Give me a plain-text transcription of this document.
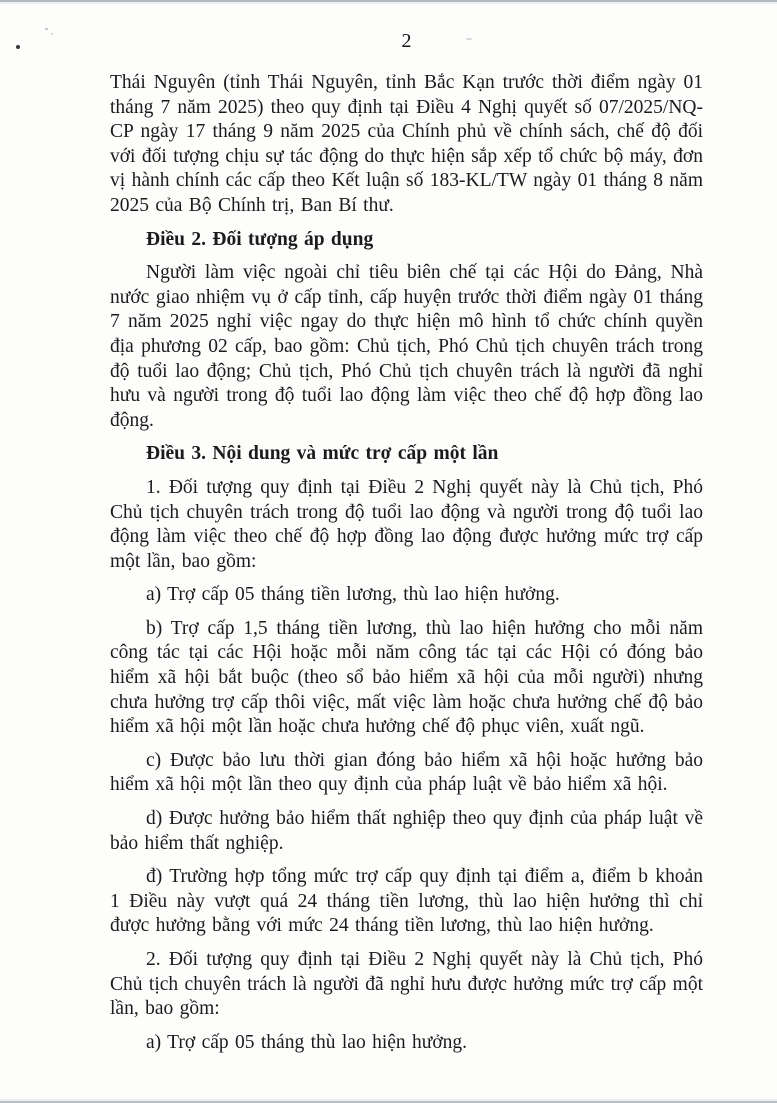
2

Thái Nguyên (tỉnh Thái Nguyên, tỉnh Bắc Kạn trước thời điểm ngày 01 tháng 7 năm 2025) theo quy định tại Điều 4 Nghị quyết số 07/2025/NQ-CP ngày 17 tháng 9 năm 2025 của Chính phủ về chính sách, chế độ đối với đối tượng chịu sự tác động do thực hiện sắp xếp tổ chức bộ máy, đơn vị hành chính các cấp theo Kết luận số 183-KL/TW ngày 01 tháng 8 năm 2025 của Bộ Chính trị, Ban Bí thư.

Điều 2. Đối tượng áp dụng

Người làm việc ngoài chỉ tiêu biên chế tại các Hội do Đảng, Nhà nước giao nhiệm vụ ở cấp tỉnh, cấp huyện trước thời điểm ngày 01 tháng 7 năm 2025 nghỉ việc ngay do thực hiện mô hình tổ chức chính quyền địa phương 02 cấp, bao gồm: Chủ tịch, Phó Chủ tịch chuyên trách trong độ tuổi lao động; Chủ tịch, Phó Chủ tịch chuyên trách là người đã nghỉ hưu và người trong độ tuổi lao động làm việc theo chế độ hợp đồng lao động.

Điều 3. Nội dung và mức trợ cấp một lần

1. Đối tượng quy định tại Điều 2 Nghị quyết này là Chủ tịch, Phó Chủ tịch chuyên trách trong độ tuổi lao động và người trong độ tuổi lao động làm việc theo chế độ hợp đồng lao động được hưởng mức trợ cấp một lần, bao gồm:

a) Trợ cấp 05 tháng tiền lương, thù lao hiện hưởng.

b) Trợ cấp 1,5 tháng tiền lương, thù lao hiện hưởng cho mỗi năm công tác tại các Hội hoặc mỗi năm công tác tại các Hội có đóng bảo hiểm xã hội bắt buộc (theo sổ bảo hiểm xã hội của mỗi người) nhưng chưa hưởng trợ cấp thôi việc, mất việc làm hoặc chưa hưởng chế độ bảo hiểm xã hội một lần hoặc chưa hưởng chế độ phục viên, xuất ngũ.

c) Được bảo lưu thời gian đóng bảo hiểm xã hội hoặc hưởng bảo hiểm xã hội một lần theo quy định của pháp luật về bảo hiểm xã hội.

d) Được hưởng bảo hiểm thất nghiệp theo quy định của pháp luật về bảo hiểm thất nghiệp.

đ) Trường hợp tổng mức trợ cấp quy định tại điểm a, điểm b khoản 1 Điều này vượt quá 24 tháng tiền lương, thù lao hiện hưởng thì chỉ được hưởng bằng với mức 24 tháng tiền lương, thù lao hiện hưởng.

2. Đối tượng quy định tại Điều 2 Nghị quyết này là Chủ tịch, Phó Chủ tịch chuyên trách là người đã nghỉ hưu được hưởng mức trợ cấp một lần, bao gồm:

a) Trợ cấp 05 tháng thù lao hiện hưởng.
